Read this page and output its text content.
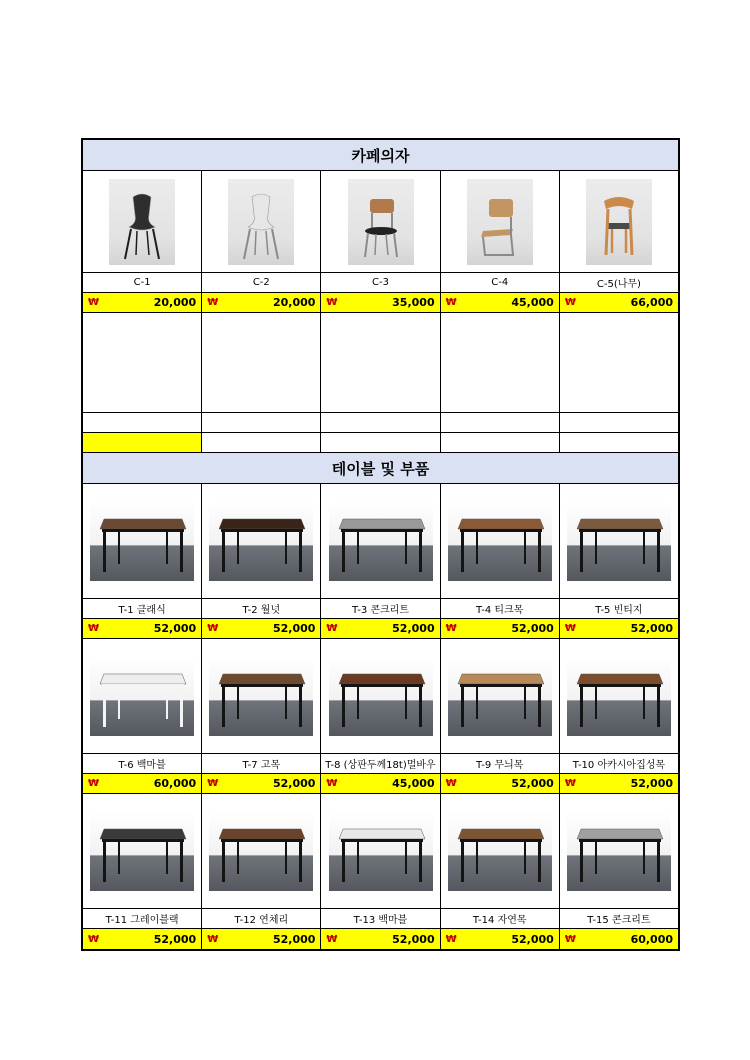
카페의자
C-1	C-2	C-3	C-4	C-5(나무)
₩	20,000 ₩	20,000 ₩	35,000 ₩	45,000 ₩	66,000
테이블 및 부품
T-1 클래식	T-2 월넛	T-3 콘크리트	T-4 티크목	T-5 빈티지
₩	52,000 ₩	52,000 ₩	52,000 ₩	52,000 ₩	52,000
T-6 백마블	T-7 고목	T-8 (상판두께18t)멀바우	T-9 무늬목	T-10 아카시아집성목
₩	60,000 ₩	52,000 ₩	45,000 ₩	52,000 ₩	52,000
T-11 그레이블랙	T-12 연체리	T-13 백마블	T-14 자연목	T-15 콘크리트
₩	52,000 ₩	52,000 ₩	52,000 ₩	52,000 ₩	60,000
